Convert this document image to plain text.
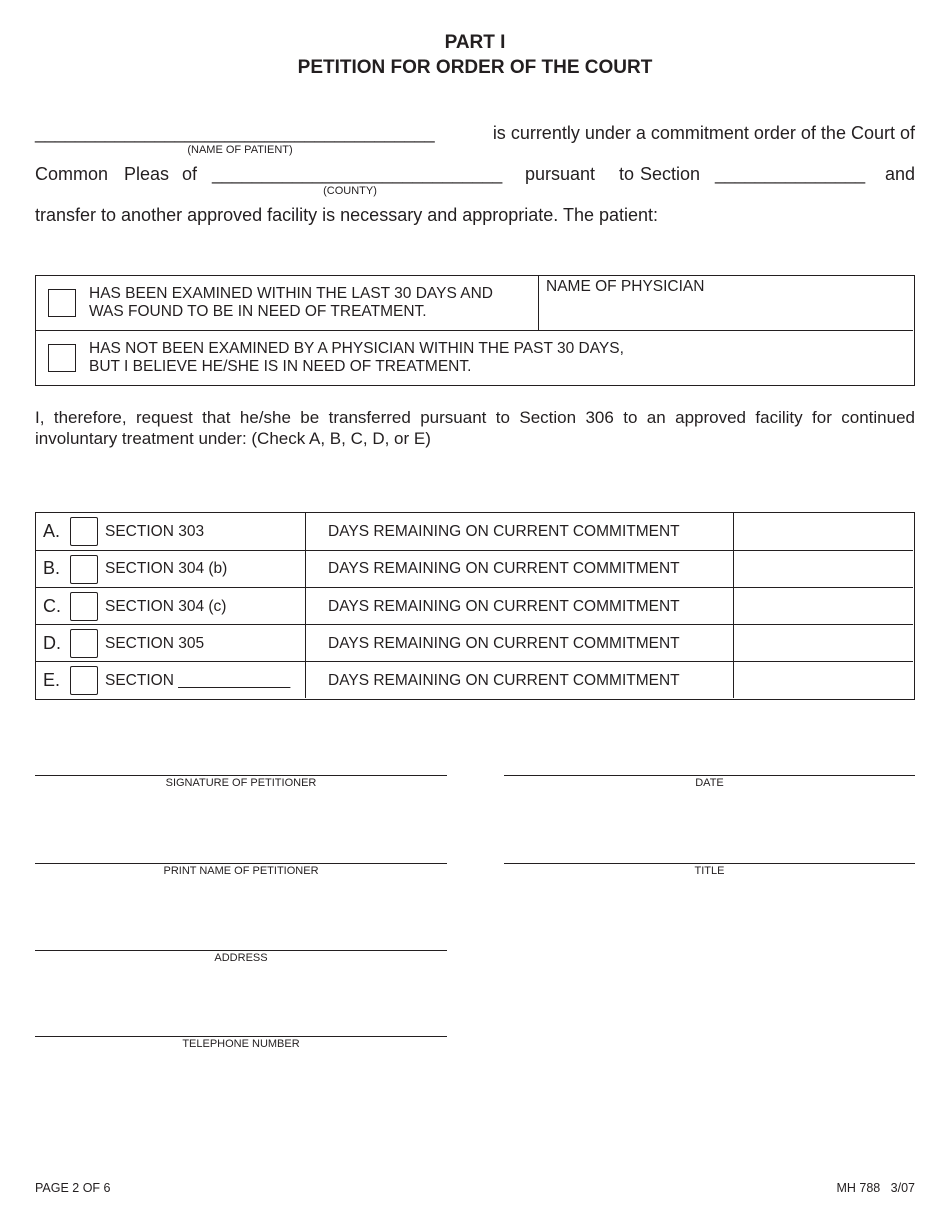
PART I
PETITION FOR ORDER OF THE COURT
________________________________________	is currently under a commitment order of the Court of
(NAME OF PATIENT)
Common Pleas of _____________________________ pursuant to Section _______________ and
(COUNTY)
transfer to another approved facility is necessary and appropriate. The patient:
HAS BEEN EXAMINED WITHIN THE LAST 30 DAYS AND
WAS FOUND TO BE IN NEED OF TREATMENT.
NAME OF PHYSICIAN
HAS NOT BEEN EXAMINED BY A PHYSICIAN WITHIN THE PAST 30 DAYS,
BUT I BELIEVE HE/SHE IS IN NEED OF TREATMENT.
I, therefore, request that he/she be transferred pursuant to Section 306 to an approved facility for continued
involuntary treatment under: (Check A, B, C, D, or E)
A.	SECTION 303	DAYS REMAINING ON CURRENT COMMITMENT
B.	SECTION 304 (b)	DAYS REMAINING ON CURRENT COMMITMENT
C.	SECTION 304 (c)	DAYS REMAINING ON CURRENT COMMITMENT
D.	SECTION 305	DAYS REMAINING ON CURRENT COMMITMENT
E.	SECTION _____________ DAYS REMAINING ON CURRENT COMMITMENT
SIGNATURE OF PETITIONER	DATE
PRINT NAME OF PETITIONER	TITLE
ADDRESS
TELEPHONE NUMBER
PAGE 2 OF 6	MH 788   3/07
